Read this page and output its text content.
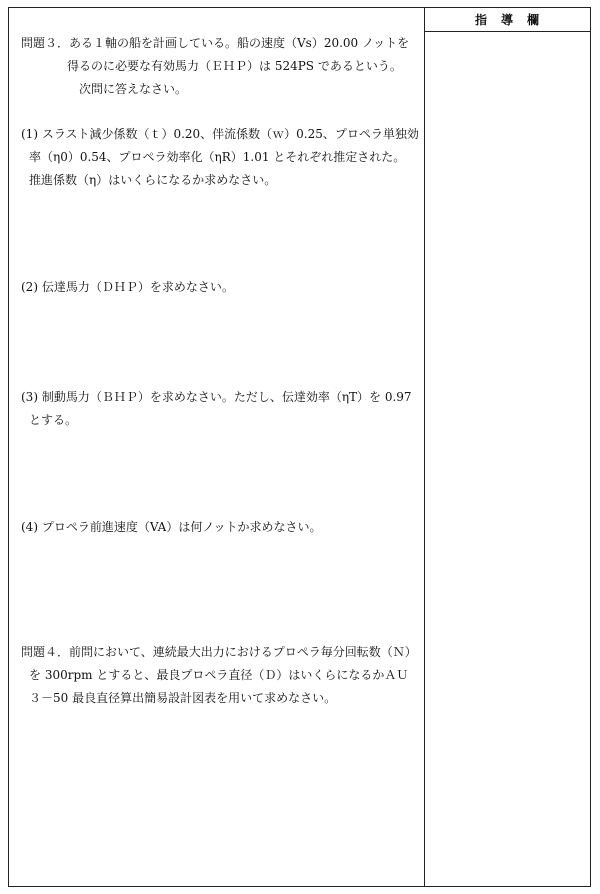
問題３．ある１軸の船を計画している。船の速度（Vs）20.00 ノットを
得るのに必要な有効馬力（ＥＨＰ）は 524PS であるという。
次問に答えなさい。
(1) スラスト減少係数（ｔ）0.20、伴流係数（ｗ）0.25、プロペラ単独効
率（η0）0.54、プロペラ効率化（ηR）1.01 とそれぞれ推定された。
推進係数（η）はいくらになるか求めなさい。
(2) 伝達馬力（ＤＨＰ）を求めなさい。
(3) 制動馬力（ＢＨＰ）を求めなさい。ただし、伝達効率（ηT）を 0.97
とする。
(4) プロペラ前進速度（VA）は何ノットか求めなさい。
問題４．前問において、連続最大出力におけるプロペラ毎分回転数（Ｎ）
を 300rpm とすると、最良プロペラ直径（Ｄ）はいくらになるかＡＵ
３－50 最良直径算出簡易設計図表を用いて求めなさい。
指導欄
